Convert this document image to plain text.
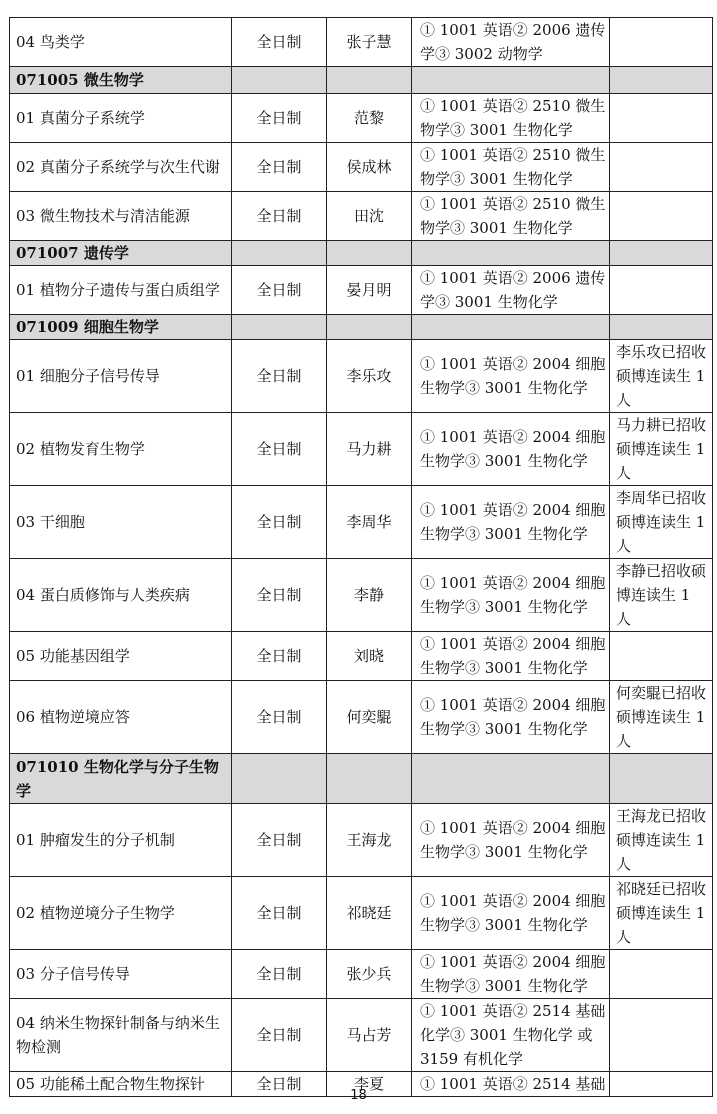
04 鸟类学	全日制	张子慧	① 1001 英语② 2006 遗传学③ 3002 动物学	
071005 微生物学				
01 真菌分子系统学	全日制	范黎	① 1001 英语② 2510 微生物学③ 3001 生物化学	
02 真菌分子系统学与次生代谢	全日制	侯成林	① 1001 英语② 2510 微生物学③ 3001 生物化学	
03 微生物技术与清洁能源	全日制	田沈	① 1001 英语② 2510 微生物学③ 3001 生物化学	
071007 遗传学				
01 植物分子遗传与蛋白质组学	全日制	晏月明	① 1001 英语② 2006 遗传学③ 3001 生物化学	
071009 细胞生物学				
01 细胞分子信号传导	全日制	李乐攻	① 1001 英语② 2004 细胞生物学③ 3001 生物化学	李乐攻已招收硕博连读生 1 人
02 植物发育生物学	全日制	马力耕	① 1001 英语② 2004 细胞生物学③ 3001 生物化学	马力耕已招收硕博连读生 1 人
03 干细胞	全日制	李周华	① 1001 英语② 2004 细胞生物学③ 3001 生物化学	李周华已招收硕博连读生 1 人
04 蛋白质修饰与人类疾病	全日制	李静	① 1001 英语② 2004 细胞生物学③ 3001 生物化学	李静已招收硕博连读生 1 人
05 功能基因组学	全日制	刘晓	① 1001 英语② 2004 细胞生物学③ 3001 生物化学	
06 植物逆境应答	全日制	何奕騉	① 1001 英语② 2004 细胞生物学③ 3001 生物化学	何奕騉已招收硕博连读生 1 人
071010 生物化学与分子生物学				
01 肿瘤发生的分子机制	全日制	王海龙	① 1001 英语② 2004 细胞生物学③ 3001 生物化学	王海龙已招收硕博连读生 1 人
02 植物逆境分子生物学	全日制	祁晓廷	① 1001 英语② 2004 细胞生物学③ 3001 生物化学	祁晓廷已招收硕博连读生 1 人
03 分子信号传导	全日制	张少兵	① 1001 英语② 2004 细胞生物学③ 3001 生物化学	
04 纳米生物探针制备与纳米生物检测	全日制	马占芳	① 1001 英语② 2514 基础化学③ 3001 生物化学 或 3159 有机化学	
05 功能稀土配合物生物探针	全日制	李夏	① 1001 英语② 2514 基础	
18
